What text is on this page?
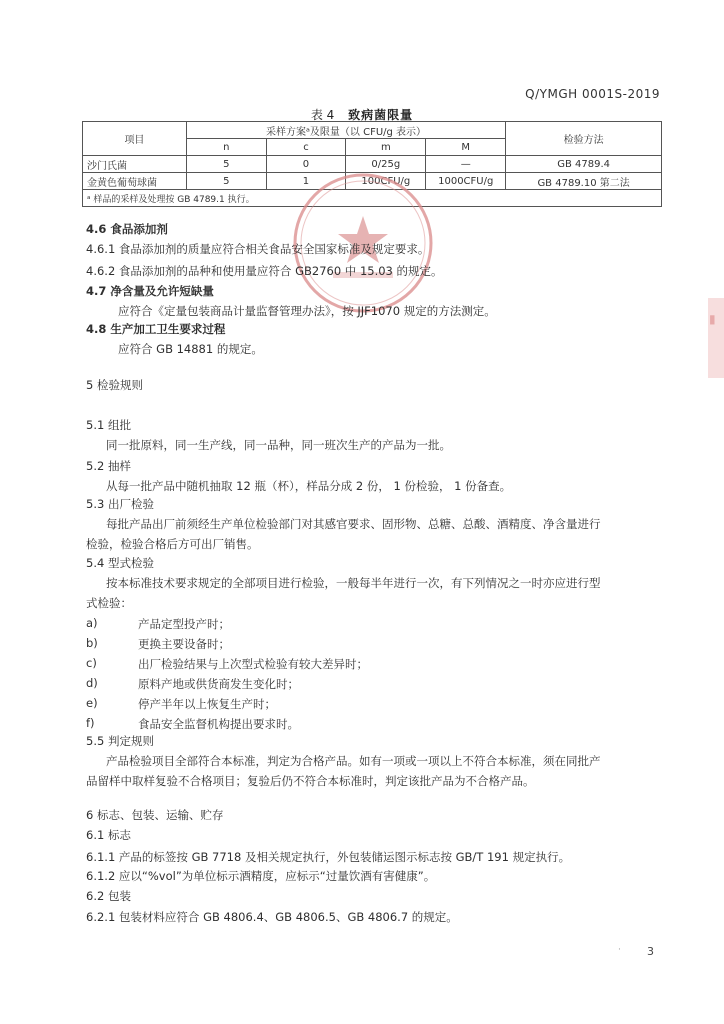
Q/YMGH 0001S-2019
表 4 致病菌限量
项目	采样方案ᵃ及限量（以 CFU/g 表示）				检验方法
	n	c	m	M	
沙门氏菌	5	0	0/25g	—	GB 4789.4
金黄色葡萄球菌	5	1	100CFU/g	1000CFU/g	GB 4789.10 第二法
ᵃ 样品的采样及处理按 GB 4789.1 执行。					
4.6 食品添加剂
4.6.1 食品添加剂的质量应符合相关食品安全国家标准及规定要求。
4.6.2 食品添加剂的品种和使用量应符合 GB2760 中 15.03 的规定。
4.7 净含量及允许短缺量
应符合《定量包装商品计量监督管理办法》，按 JJF1070 规定的方法测定。
4.8 生产加工卫生要求过程
应符合 GB 14881 的规定。
5 检验规则
5.1 组批
同一批原料，同一生产线，同一品种，同一班次生产的产品为一批。
5.2 抽样
从每一批产品中随机抽取 12 瓶（杯），样品分成 2 份， 1 份检验， 1 份备查。
5.3 出厂检验
每批产品出厂前须经生产单位检验部门对其感官要求、固形物、总糖、总酸、酒精度、净含量进行
检验，检验合格后方可出厂销售。
5.4 型式检验
按本标准技术要求规定的全部项目进行检验，一般每半年进行一次，有下列情况之一时亦应进行型
式检验：
a)	产品定型投产时；
b)	更换主要设备时；
c)	出厂检验结果与上次型式检验有较大差异时；
d)	原料产地或供货商发生变化时；
e)	停产半年以上恢复生产时；
f)	食品安全监督机构提出要求时。
5.5 判定规则
产品检验项目全部符合本标准，判定为合格产品。如有一项或一项以上不符合本标准，须在同批产
品留样中取样复验不合格项目；复验后仍不符合本标准时，判定该批产品为不合格产品。
6 标志、包装、运输、贮存
6.1 标志
6.1.1 产品的标签按 GB 7718 及相关规定执行，外包装储运图示标志按 GB/T 191 规定执行。
6.1.2 应以“%vol”为单位标示酒精度，应标示“过量饮酒有害健康”。
6.2 包装
6.2.1 包装材料应符合 GB 4806.4、GB 4806.5、GB 4806.7 的规定。
· 3
▮
